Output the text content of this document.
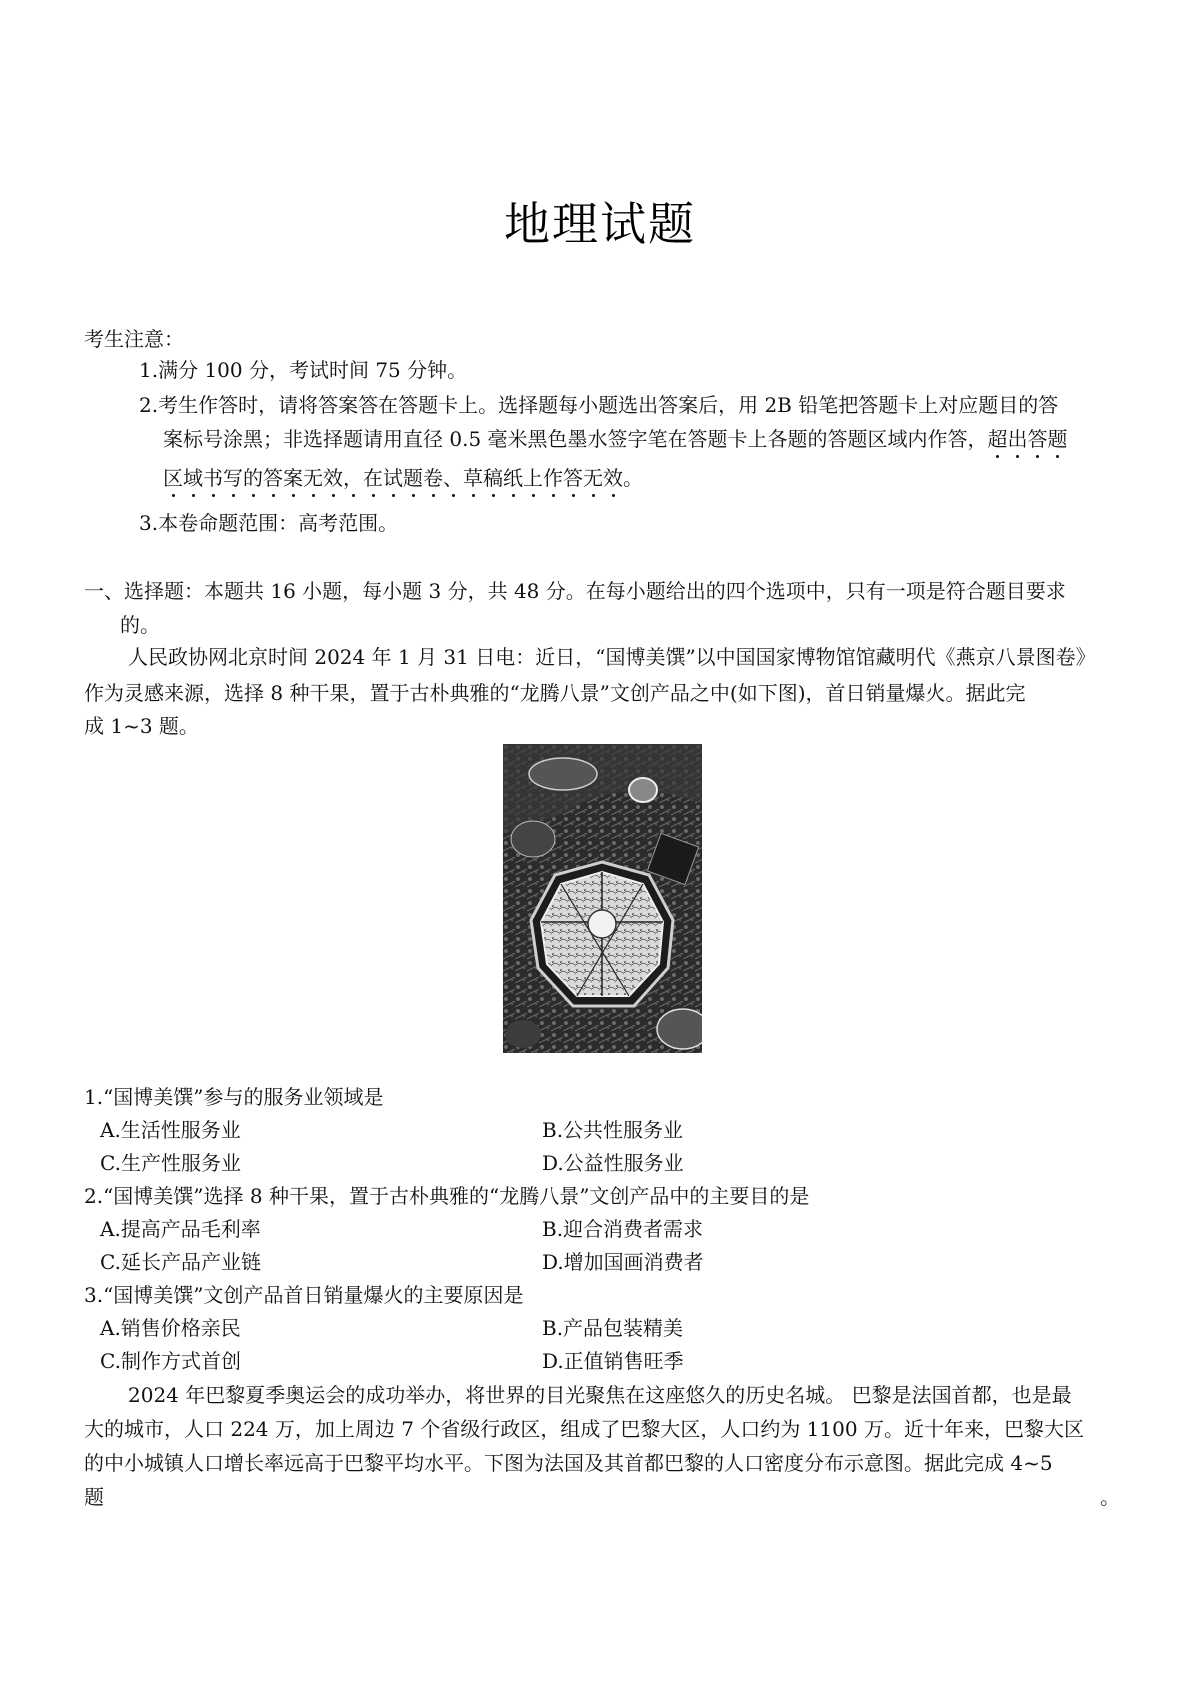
地理试题
考生注意：
1.满分 100 分，考试时间 75 分钟。
2.考生作答时，请将答案答在答题卡上。选择题每小题选出答案后，用 2B 铅笔把答题卡上对应题目的答
案标号涂黑；非选择题请用直径 0.5 毫米黑色墨水签字笔在答题卡上各题的答题区域内作答，超出答题
区域书写的答案无效，在试题卷、草稿纸上作答无效。
3.本卷命题范围：高考范围。
一、选择题：本题共 16 小题，每小题 3 分，共 48 分。在每小题给出的四个选项中，只有一项是符合题目要求
的。
人民政协网北京时间 2024 年 1 月 31 日电：近日，“国博美馔”以中国国家博物馆馆藏明代《燕京八景图卷》
作为灵感来源，选择 8 种干果，置于古朴典雅的“龙腾八景”文创产品之中(如下图)，首日销量爆火。据此完
成 1~3 题。
1.“国博美馔”参与的服务业领域是
A.生活性服务业	B.公共性服务业
C.生产性服务业	D.公益性服务业
2.“国博美馔”选择 8 种干果，置于古朴典雅的“龙腾八景”文创产品中的主要目的是
A.提高产品毛利率	B.迎合消费者需求
C.延长产品产业链	D.增加国画消费者
3.“国博美馔”文创产品首日销量爆火的主要原因是
A.销售价格亲民	B.产品包装精美
C.制作方式首创	D.正值销售旺季
2024 年巴黎夏季奥运会的成功举办，将世界的目光聚焦在这座悠久的历史名城。 巴黎是法国首都，也是最
大的城市，人口 224 万，加上周边 7 个省级行政区，组成了巴黎大区，人口约为 1100 万。近十年来，巴黎大区
的中小城镇人口增长率远高于巴黎平均水平。下图为法国及其首都巴黎的人口密度分布示意图。据此完成 4~5
题	。
